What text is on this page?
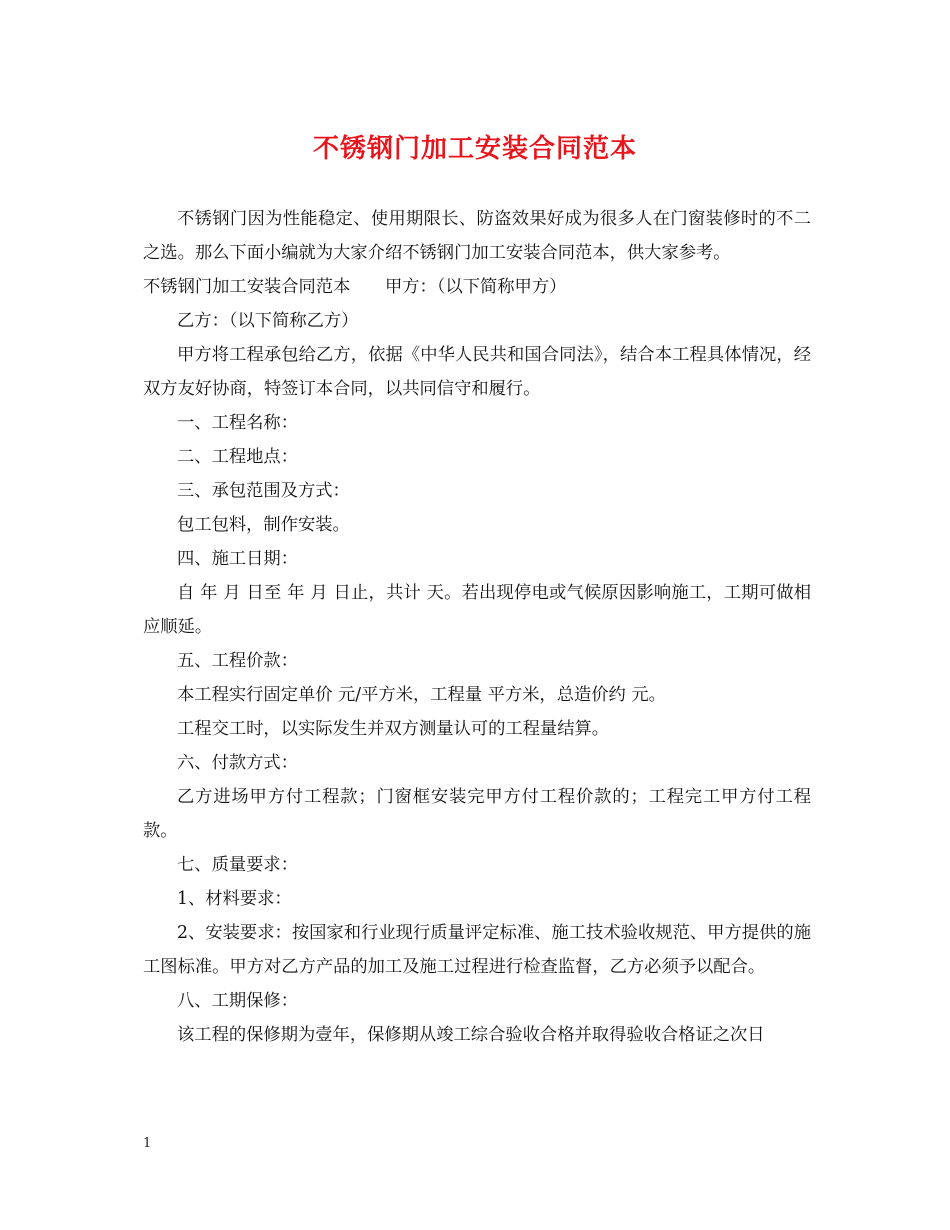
不锈钢门加工安装合同范本

不锈钢门因为性能稳定、使用期限长、防盗效果好成为很多人在门窗装修时的不二之选。那么下面小编就为大家介绍不锈钢门加工安装合同范本，供大家参考。

不锈钢门加工安装合同范本　　甲方：（以下简称甲方）

乙方：（以下简称乙方）

甲方将工程承包给乙方，依据《中华人民共和国合同法》，结合本工程具体情况，经双方友好协商，特签订本合同，以共同信守和履行。

一、工程名称：

二、工程地点：

三、承包范围及方式：

包工包料，制作安装。

四、施工日期：

自 年 月 日至 年 月 日止，共计 天。若出现停电或气候原因影响施工，工期可做相应顺延。

五、工程价款：

本工程实行固定单价 元/平方米，工程量 平方米，总造价约 元。

工程交工时，以实际发生并双方测量认可的工程量结算。

六、付款方式：

乙方进场甲方付工程款；门窗框安装完甲方付工程价款的；工程完工甲方付工程款。

七、质量要求：

1、材料要求：

2、安装要求：按国家和行业现行质量评定标准、施工技术验收规范、甲方提供的施工图标准。甲方对乙方产品的加工及施工过程进行检查监督，乙方必须予以配合。

八、工期保修：

该工程的保修期为壹年，保修期从竣工综合验收合格并取得验收合格证之次日

1
